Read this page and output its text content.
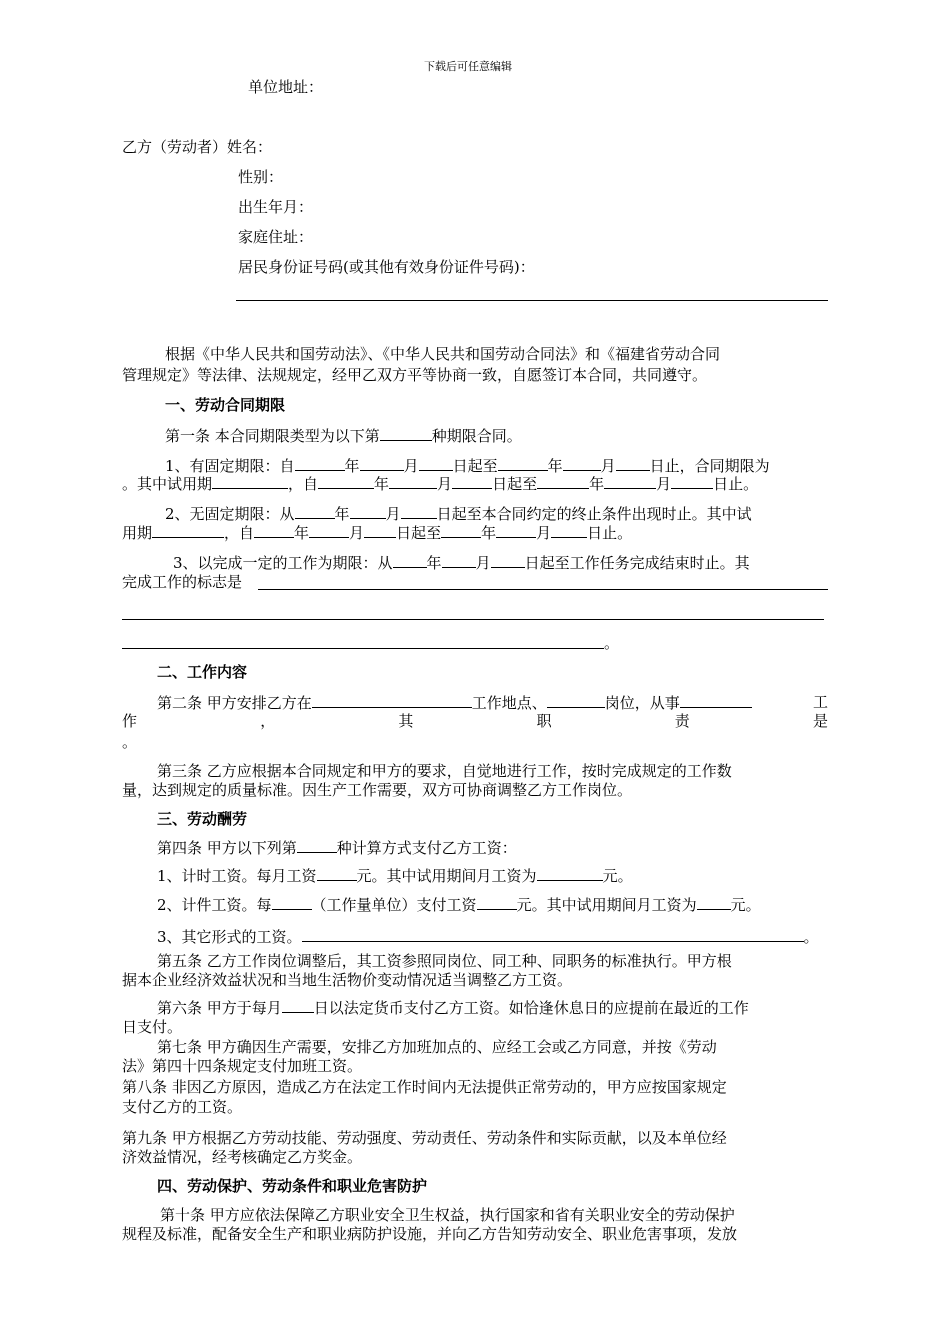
下载后可任意编辑
单位地址：
乙方（劳动者）姓名：
性别：
出生年月：
家庭住址：
居民身份证号码(或其他有效身份证件号码)：
根据《中华人民共和国劳动法》、《中华人民共和国劳动合同法》和《福建省劳动合同
管理规定》等法律、法规规定，经甲乙双方平等协商一致，自愿签订本合同，共同遵守。
一、劳动合同期限
第一条 本合同期限类型为以下第	种期限合同。
1、有固定期限：自	年	月 日起至	年	月 日止，合同期限为
。其中试用期	，自	年	月	日起至	年	月	日止。
2、无固定期限：从	年 月 日起至本合同约定的终止条件出现时止。其中试
用期	，自	年	月 日起至	年	月 日止。
3、以完成一定的工作为期限：从 年 月 日起至工作任务完成结束时止。其
完成工作的标志是
。
二、工作内容
第二条 甲方安排乙方在	工作地点、	岗位，从事	工
作	，	其	职	责	是
。
第三条 乙方应根据本合同规定和甲方的要求，自觉地进行工作，按时完成规定的工作数
量，达到规定的质量标准。因生产工作需要，双方可协商调整乙方工作岗位。
三、劳动酬劳
第四条 甲方以下列第	种计算方式支付乙方工资：
1、计时工资。每月工资	元。其中试用期间月工资为	元。
2、计件工资。每	（工作量单位）支付工资	元。其中试用期间月工资为 元。
3、其它形式的工资。	。
第五条 乙方工作岗位调整后，其工资参照同岗位、同工种、同职务的标准执行。甲方根
据本企业经济效益状况和当地生活物价变动情况适当调整乙方工资。
第六条 甲方于每月 日以法定货币支付乙方工资。如恰逢休息日的应提前在最近的工作
日支付。
第七条 甲方确因生产需要，安排乙方加班加点的、应经工会或乙方同意，并按《劳动
法》第四十四条规定支付加班工资。
第八条 非因乙方原因，造成乙方在法定工作时间内无法提供正常劳动的，甲方应按国家规定
支付乙方的工资。
第九条 甲方根据乙方劳动技能、劳动强度、劳动责任、劳动条件和实际贡献，以及本单位经
济效益情况，经考核确定乙方奖金。
四、劳动保护、劳动条件和职业危害防护
第十条 甲方应依法保障乙方职业安全卫生权益，执行国家和省有关职业安全的劳动保护
规程及标准，配备安全生产和职业病防护设施，并向乙方告知劳动安全、职业危害事项，发放
